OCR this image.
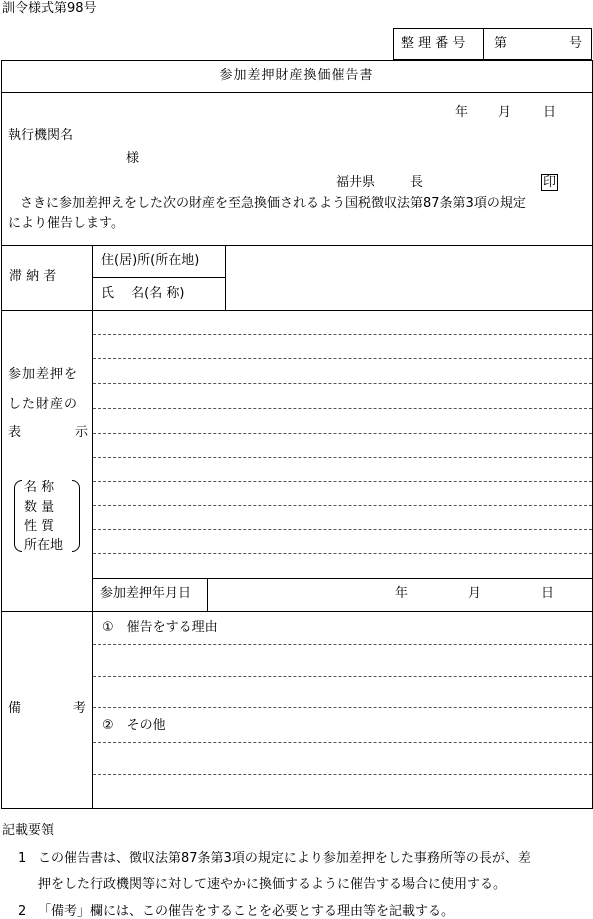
訓令様式第98号
整 理 番 号 第	号
参加差押財産換価催告書
年 月 日
執行機関名
様
福井県	長	印
さきに参加差押えをした次の財産を至急換価されるよう国税徴収法第87条第3項の規定
により催告します。
滞 納 者
住(居)所(所在地)
氏　 名(名 称)
参加差押を
した財産の
表	示
名 称
数 量
性 質
所在地
参加差押年月日	年	月	日
備	考
①　催告をする理由
②　その他
記載要領
1 この催告書は、徴収法第87条第3項の規定により参加差押をした事務所等の長が、差
押をした行政機関等に対して速やかに換価するように催告する場合に使用する。
2 「備考」欄には、この催告をすることを必要とする理由等を記載する。
